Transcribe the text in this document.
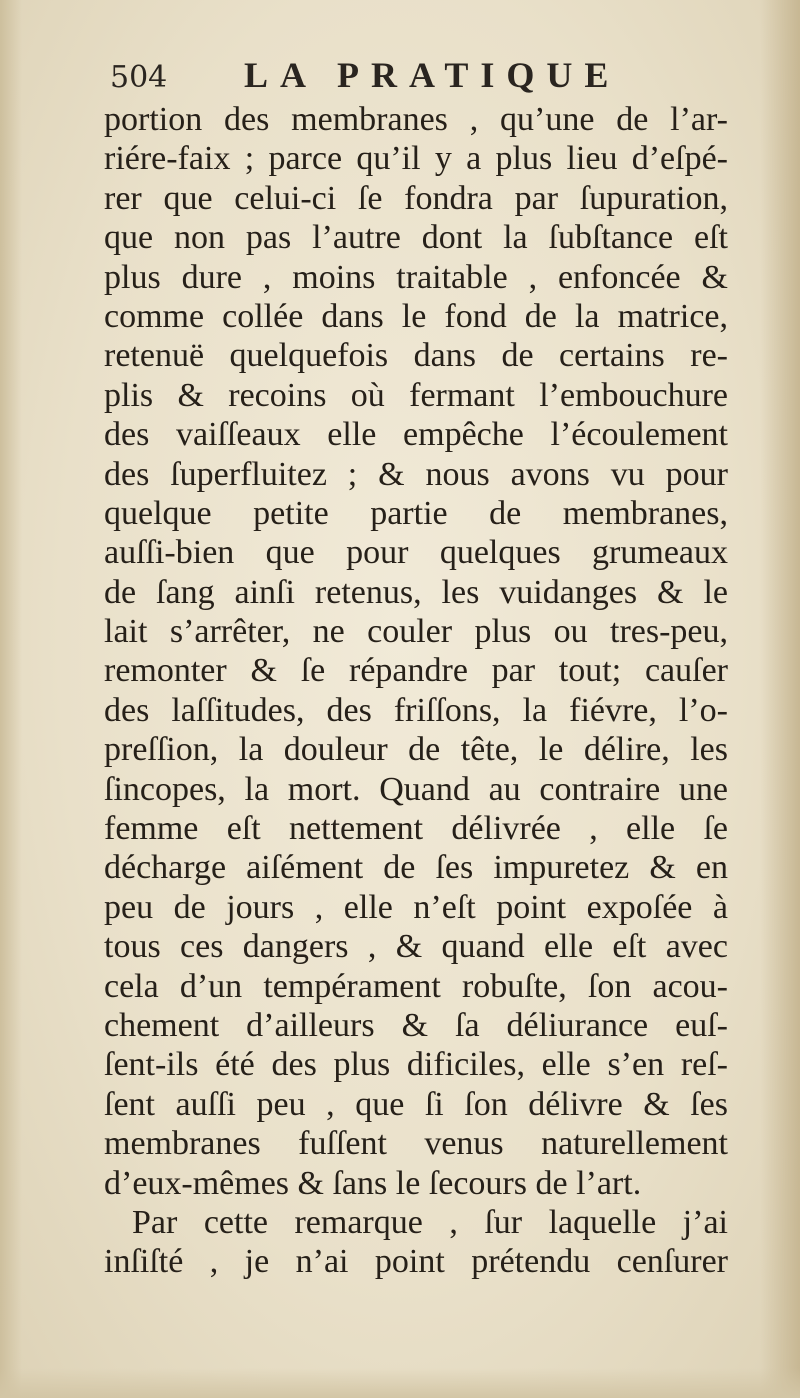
504 LA PRATIQUE
portion des membranes , qu’une de l’ar-
riére-faix ; parce qu’il y a plus lieu d’eſpé-
rer que celui-ci ſe fondra par ſupuration,
que non pas l’autre dont la ſubſtance eſt
plus dure , moins traitable , enfoncée &
comme collée dans le fond de la matrice,
retenuë quelquefois dans de certains re-
plis & recoins où fermant l’embouchure
des vaiſſeaux elle empêche l’écoulement
des ſuperfluitez ; & nous avons vu pour
quelque petite partie de membranes,
auſſi-bien que pour quelques grumeaux
de ſang ainſi retenus, les vuidanges & le
lait s’arrêter, ne couler plus ou tres-peu,
remonter & ſe répandre par tout; cauſer
des laſſitudes, des friſſons, la fiévre, l’o-
preſſion, la douleur de tête, le délire, les
ſincopes, la mort. Quand au contraire une
femme eſt nettement délivrée , elle ſe
décharge aiſément de ſes impuretez & en
peu de jours , elle n’eſt point expoſée à
tous ces dangers , & quand elle eſt avec
cela d’un tempérament robuſte, ſon acou-
chement d’ailleurs & ſa déliurance euſ-
ſent-ils été des plus dificiles, elle s’en reſ-
ſent auſſi peu , que ſi ſon délivre & ſes
membranes fuſſent venus naturellement
d’eux-mêmes & ſans le ſecours de l’art.
Par cette remarque , ſur laquelle j’ai
inſiſté , je n’ai point prétendu cenſurer
